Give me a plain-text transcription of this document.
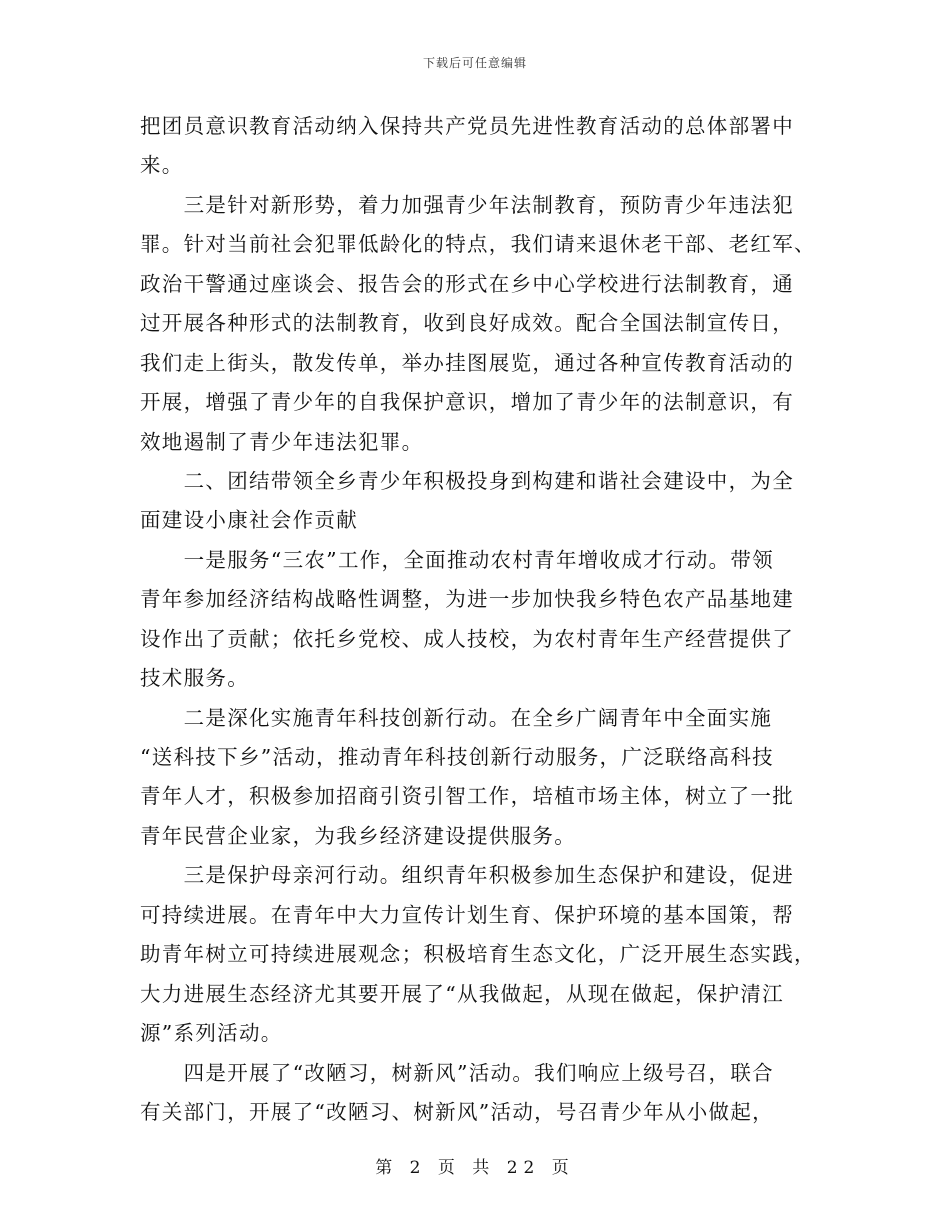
下载后可任意编辑
把团员意识教育活动纳入保持共产党员先进性教育活动的总体部署中
来。
　　三是针对新形势，着力加强青少年法制教育，预防青少年违法犯
罪。针对当前社会犯罪低龄化的特点，我们请来退休老干部、老红军、
政治干警通过座谈会、报告会的形式在乡中心学校进行法制教育，通
过开展各种形式的法制教育，收到良好成效。配合全国法制宣传日，
我们走上街头，散发传单，举办挂图展览，通过各种宣传教育活动的
开展，增强了青少年的自我保护意识，增加了青少年的法制意识，有
效地遏制了青少年违法犯罪。
　　二、团结带领全乡青少年积极投身到构建和谐社会建设中，为全
面建设小康社会作贡献
　　一是服务“三农”工作，全面推动农村青年增收成才行动。带领
青年参加经济结构战略性调整，为进一步加快我乡特色农产品基地建
设作出了贡献；依托乡党校、成人技校，为农村青年生产经营提供了
技术服务。
　　二是深化实施青年科技创新行动。在全乡广阔青年中全面实施
“送科技下乡”活动，推动青年科技创新行动服务，广泛联络高科技
青年人才，积极参加招商引资引智工作，培植市场主体，树立了一批
青年民营企业家，为我乡经济建设提供服务。
　　三是保护母亲河行动。组织青年积极参加生态保护和建设，促进
可持续进展。在青年中大力宣传计划生育、保护环境的基本国策，帮
助青年树立可持续进展观念；积极培育生态文化，广泛开展生态实践，
大力进展生态经济尤其要开展了“从我做起，从现在做起，保护清江
源”系列活动。
　　四是开展了“改陋习，树新风”活动。我们响应上级号召，联合
有关部门，开展了“改陋习、树新风”活动，号召青少年从小做起，
第 2 页 共 22 页
